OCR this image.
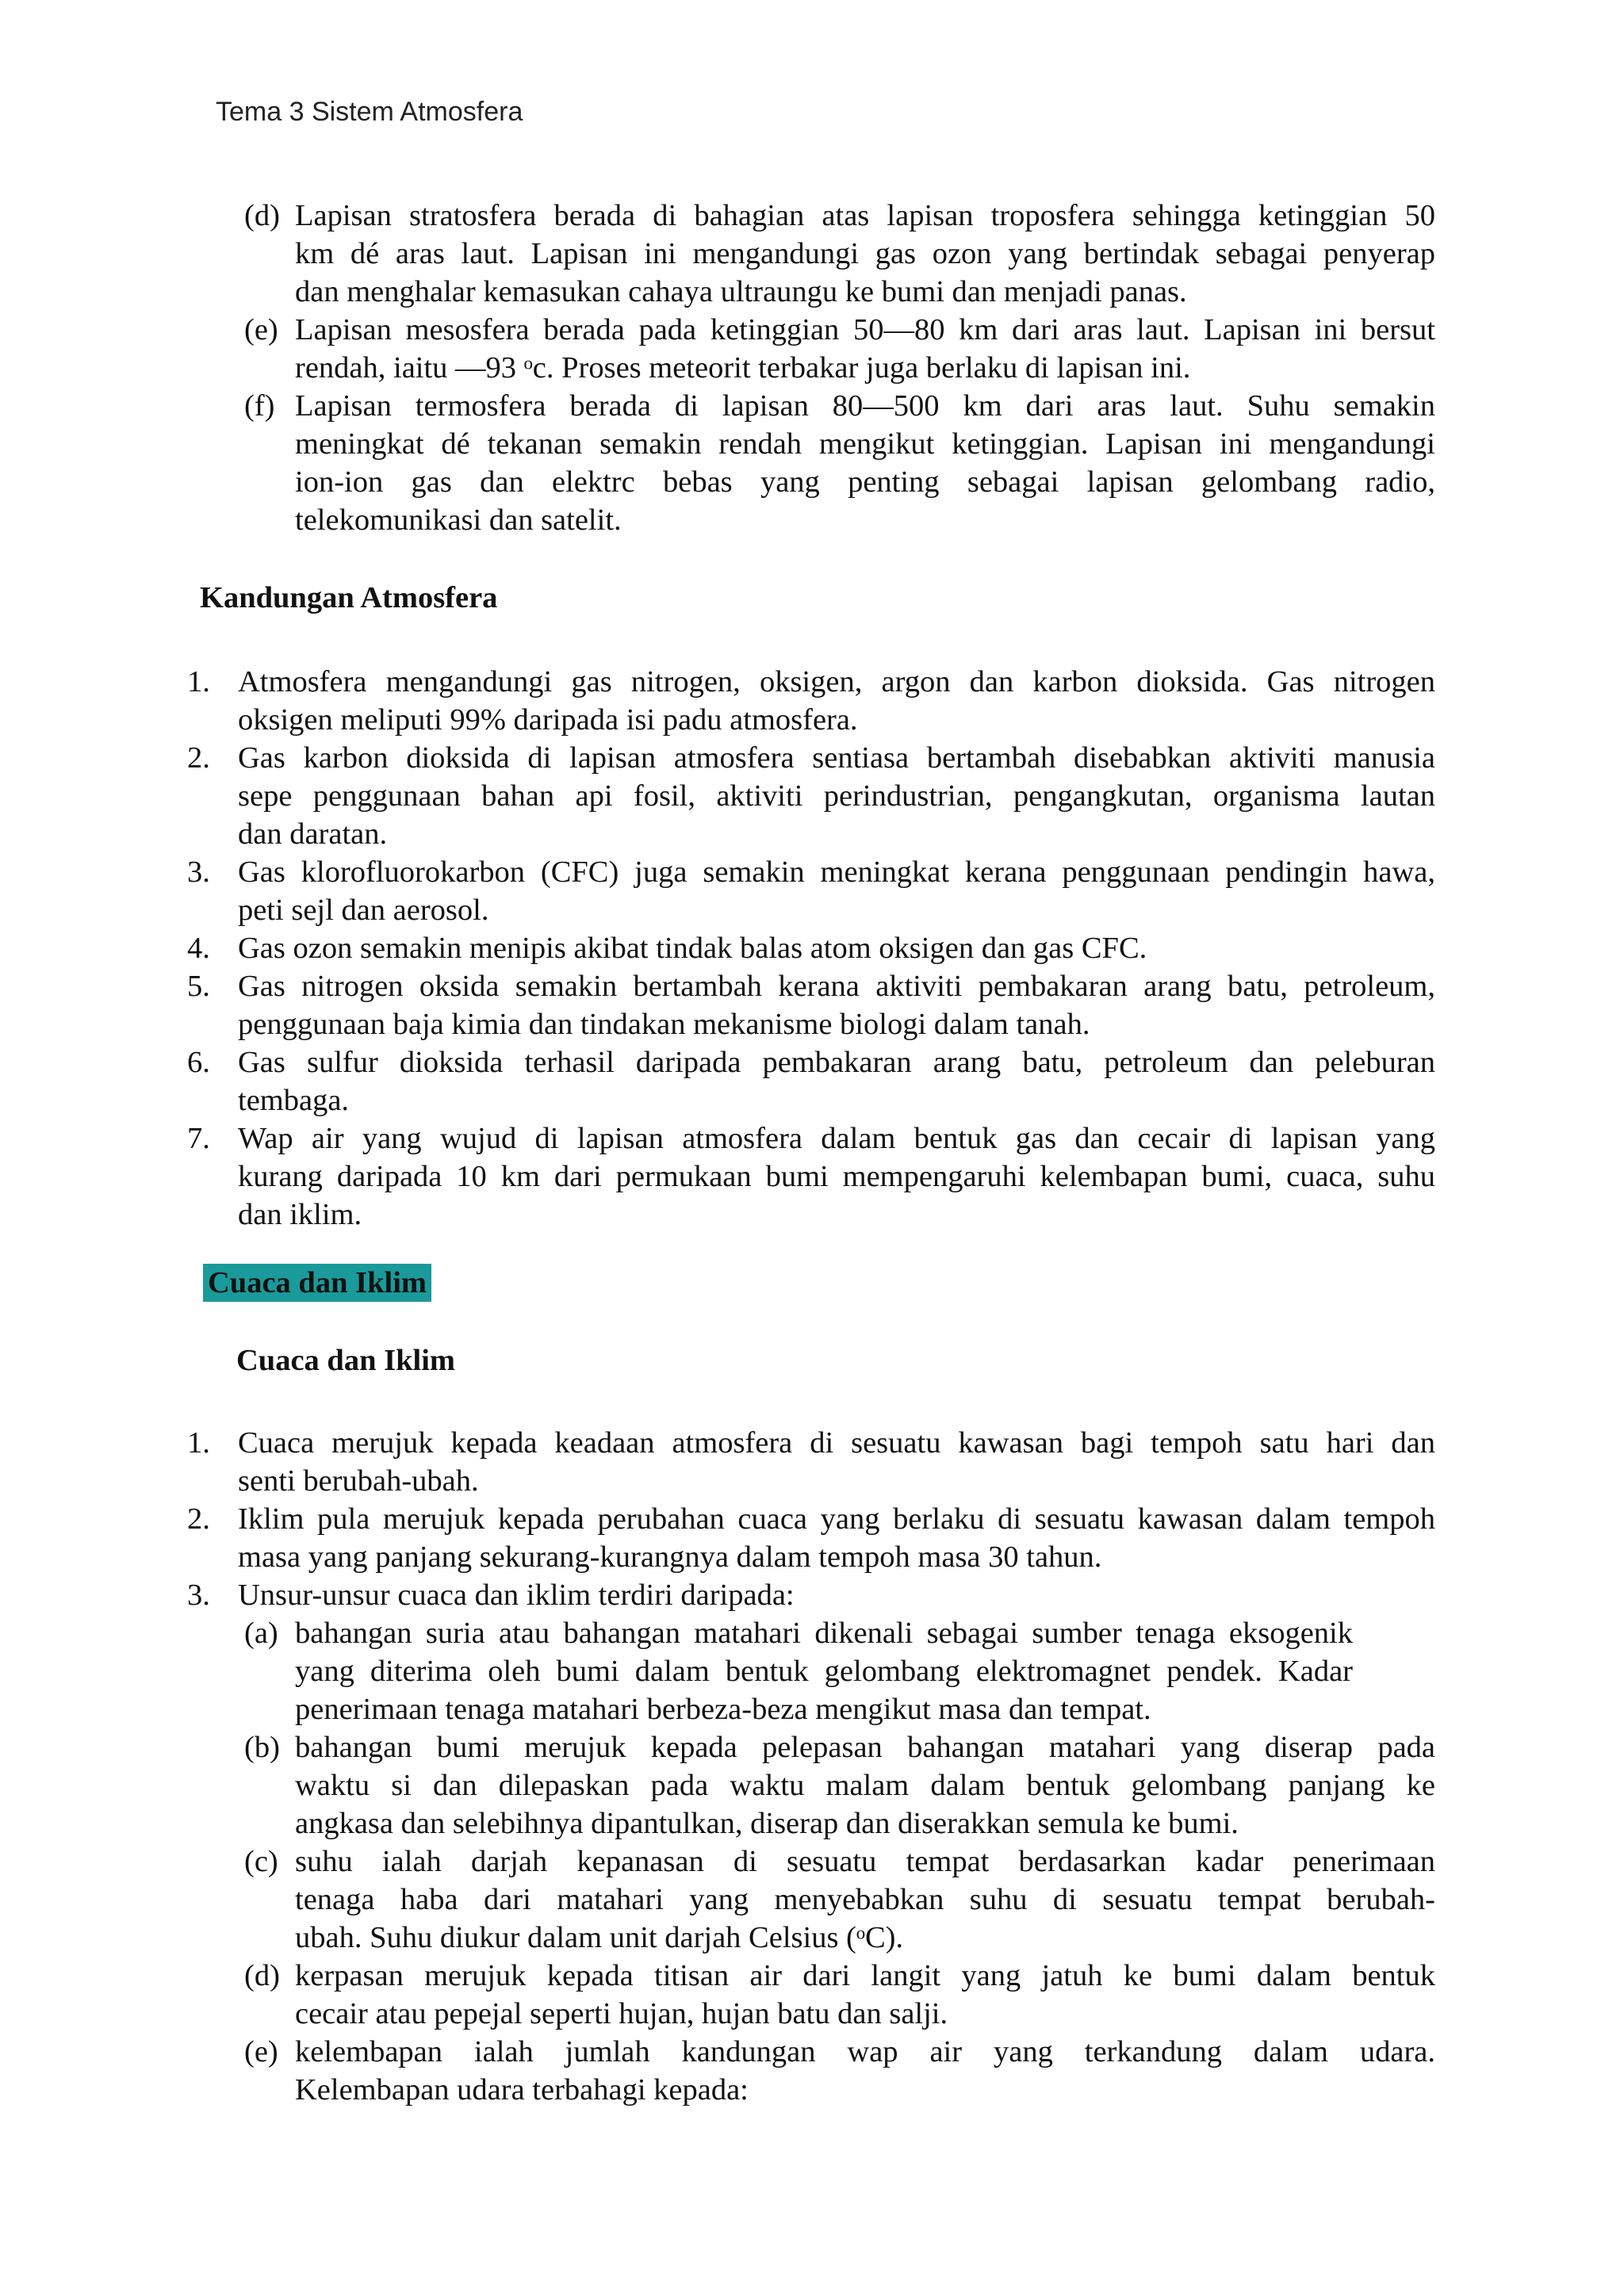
Tema 3 Sistem Atmosfera
(d) Lapisan stratosfera berada di bahagian atas lapisan troposfera sehingga ketinggian 50
km dé aras laut. Lapisan ini mengandungi gas ozon yang bertindak sebagai penyerap
dan menghalar kemasukan cahaya ultraungu ke bumi dan menjadi panas.
(e) Lapisan mesosfera berada pada ketinggian 50—80 km dari aras laut. Lapisan ini bersut
rendah, iaitu —93 ᵒc. Proses meteorit terbakar juga berlaku di lapisan ini.
(f) Lapisan termosfera berada di lapisan 80—500 km dari aras laut. Suhu semakin
meningkat dé tekanan semakin rendah mengikut ketinggian. Lapisan ini mengandungi
ion-ion gas dan elektrc bebas yang penting sebagai lapisan gelombang radio,
telekomunikasi dan satelit.
Kandungan Atmosfera
1. Atmosfera mengandungi gas nitrogen, oksigen, argon dan karbon dioksida. Gas nitrogen
oksigen meliputi 99% daripada isi padu atmosfera.
2. Gas karbon dioksida di lapisan atmosfera sentiasa bertambah disebabkan aktiviti manusia
sepe penggunaan bahan api fosil, aktiviti perindustrian, pengangkutan, organisma lautan
dan daratan.
3. Gas klorofluorokarbon (CFC) juga semakin meningkat kerana penggunaan pendingin hawa,
peti sejl dan aerosol.
4. Gas ozon semakin menipis akibat tindak balas atom oksigen dan gas CFC.
5. Gas nitrogen oksida semakin bertambah kerana aktiviti pembakaran arang batu, petroleum,
penggunaan baja kimia dan tindakan mekanisme biologi dalam tanah.
6. Gas sulfur dioksida terhasil daripada pembakaran arang batu, petroleum dan peleburan
tembaga.
7. Wap air yang wujud di lapisan atmosfera dalam bentuk gas dan cecair di lapisan yang
kurang daripada 10 km dari permukaan bumi mempengaruhi kelembapan bumi, cuaca, suhu
dan iklim.
Cuaca dan Iklim
Cuaca dan Iklim
1. Cuaca merujuk kepada keadaan atmosfera di sesuatu kawasan bagi tempoh satu hari dan
senti berubah-ubah.
2. Iklim pula merujuk kepada perubahan cuaca yang berlaku di sesuatu kawasan dalam tempoh
masa yang panjang sekurang-kurangnya dalam tempoh masa 30 tahun.
3. Unsur-unsur cuaca dan iklim terdiri daripada:
(a) bahangan suria atau bahangan matahari dikenali sebagai sumber tenaga eksogenik
yang diterima oleh bumi dalam bentuk gelombang elektromagnet pendek. Kadar
penerimaan tenaga matahari berbeza-beza mengikut masa dan tempat.
(b) bahangan bumi merujuk kepada pelepasan bahangan matahari yang diserap pada
waktu si dan dilepaskan pada waktu malam dalam bentuk gelombang panjang ke
angkasa dan selebihnya dipantulkan, diserap dan diserakkan semula ke bumi.
(c) suhu ialah darjah kepanasan di sesuatu tempat berdasarkan kadar penerimaan
tenaga haba dari matahari yang menyebabkan suhu di sesuatu tempat berubah-
ubah. Suhu diukur dalam unit darjah Celsius (ᵒC).
(d) kerpasan merujuk kepada titisan air dari langit yang jatuh ke bumi dalam bentuk
cecair atau pepejal seperti hujan, hujan batu dan salji.
(e) kelembapan ialah jumlah kandungan wap air yang terkandung dalam udara.
Kelembapan udara terbahagi kepada:
